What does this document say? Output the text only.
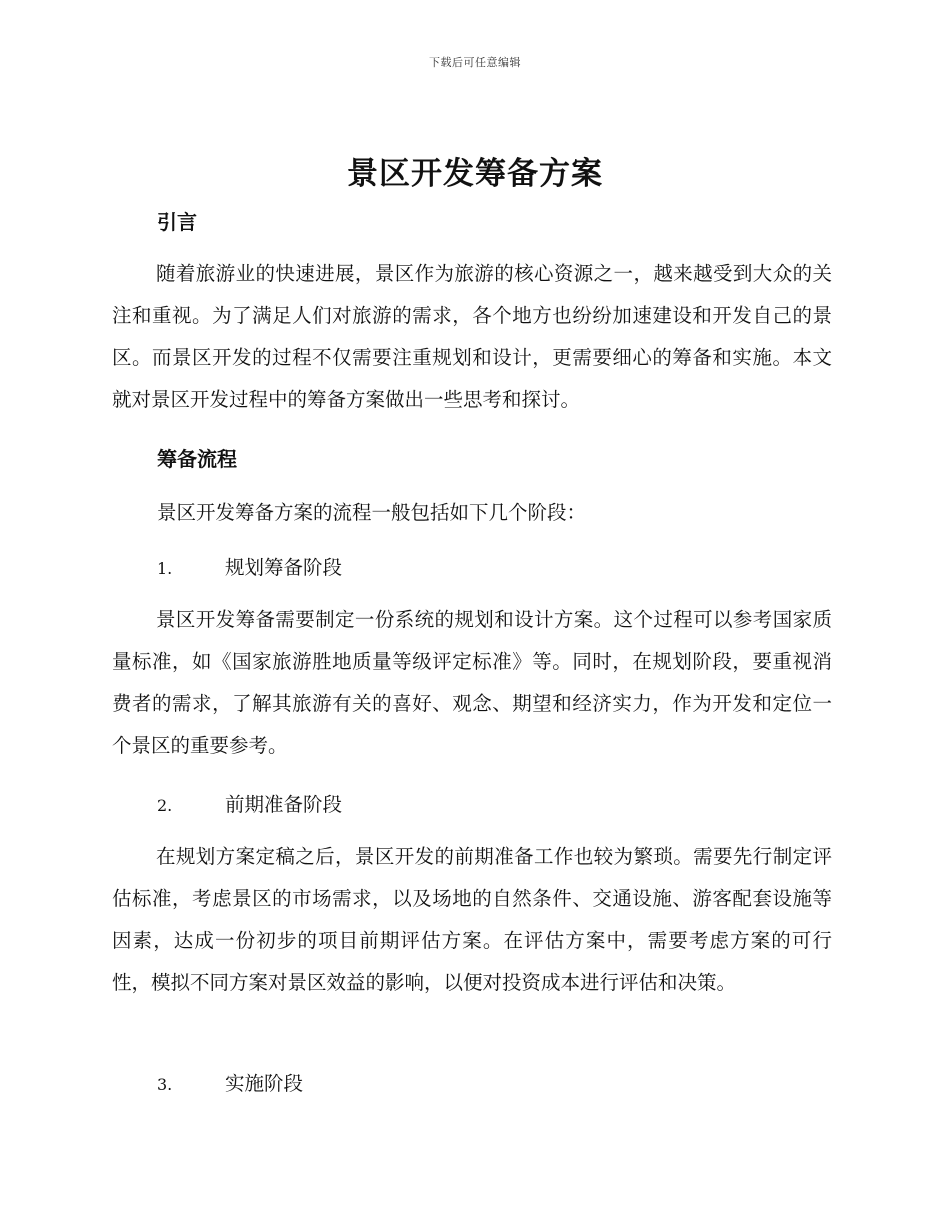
下载后可任意编辑
景区开发筹备方案
引言

随着旅游业的快速进展，景区作为旅游的核心资源之一，越来越受到大众的关注和重视。为了满足人们对旅游的需求，各个地方也纷纷加速建设和开发自己的景区。而景区开发的过程不仅需要注重规划和设计，更需要细心的筹备和实施。本文就对景区开发过程中的筹备方案做出一些思考和探讨。

筹备流程

景区开发筹备方案的流程一般包括如下几个阶段：

1.	规划筹备阶段

景区开发筹备需要制定一份系统的规划和设计方案。这个过程可以参考国家质量标准，如《国家旅游胜地质量等级评定标准》等。同时，在规划阶段，要重视消费者的需求，了解其旅游有关的喜好、观念、期望和经济实力，作为开发和定位一个景区的重要参考。

2.	前期准备阶段

在规划方案定稿之后，景区开发的前期准备工作也较为繁琐。需要先行制定评估标准，考虑景区的市场需求，以及场地的自然条件、交通设施、游客配套设施等因素，达成一份初步的项目前期评估方案。在评估方案中，需要考虑方案的可行性，模拟不同方案对景区效益的影响，以便对投资成本进行评估和决策。

3.	实施阶段
